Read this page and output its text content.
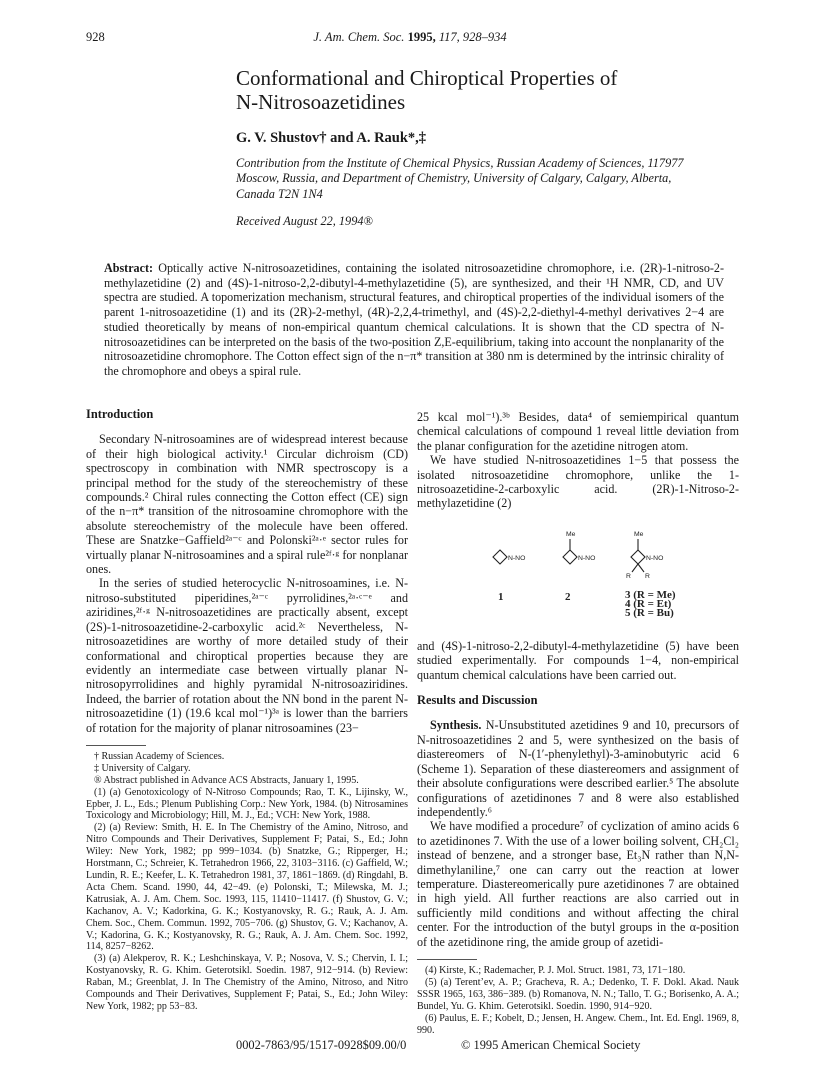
928	J. Am. Chem. Soc. 1995, 117, 928–934
Conformational and Chiroptical Properties of
N-Nitrosoazetidines
G. V. Shustov† and A. Rauk*,‡
Contribution from the Institute of Chemical Physics, Russian Academy of Sciences, 117977 Moscow, Russia, and Department of Chemistry, University of Calgary, Calgary, Alberta, Canada T2N 1N4
Received August 22, 1994®
Abstract: Optically active N-nitrosoazetidines, containing the isolated nitrosoazetidine chromophore, i.e. (2R)-1-nitroso-2-methylazetidine (2) and (4S)-1-nitroso-2,2-dibutyl-4-methylazetidine (5), are synthesized, and their ¹H NMR, CD, and UV spectra are studied. A topomerization mechanism, structural features, and chiroptical properties of the individual isomers of the parent 1-nitrosoazetidine (1) and its (2R)-2-methyl, (4R)-2,2,4-trimethyl, and (4S)-2,2-diethyl-4-methyl derivatives 2−4 are studied theoretically by means of non-empirical quantum chemical calculations. It is shown that the CD spectra of N-nitrosoazetidines can be interpreted on the basis of the two-position Z,E-equilibrium, taking into account the nonplanarity of the nitrosoazetidine chromophore. The Cotton effect sign of the n−π* transition at 380 nm is determined by the intrinsic chirality of the chromophore and obeys a spiral rule.
Introduction

Secondary N-nitrosoamines are of widespread interest because of their high biological activity.¹ Circular dichroism (CD) spectroscopy in combination with NMR spectroscopy is a principal method for the study of the stereochemistry of these compounds.² Chiral rules connecting the Cotton effect (CE) sign of the n−π* transition of the nitrosoamine chromophore with the absolute stereochemistry of the molecule have been offered. These are Snatzke−Gaffield²ᵃ⁻ᶜ and Polonski²ᵃ·ᵉ sector rules for virtually planar N-nitrosoamines and a spiral rule²ᶠ·ᵍ for nonplanar ones.

In the series of studied heterocyclic N-nitrosoamines, i.e. N-nitroso-substituted piperidines,²ᵃ⁻ᶜ pyrrolidines,²ᵃ·ᶜ⁻ᵉ and aziridines,²ᶠ·ᵍ N-nitrosoazetidines are practically absent, except (2S)-1-nitrosoazetidine-2-carboxylic acid.²ᶜ Nevertheless, N-nitrosoazetidines are worthy of more detailed study of their conformational and chiroptical properties because they are evidently an intermediate case between virtually planar N-nitrosopyrrolidines and highly pyramidal N-nitrosoaziridines. Indeed, the barrier of rotation about the NN bond in the parent N-nitrosoazetidine (1) (19.6 kcal mol⁻¹)³ᵃ is lower than the barriers of rotation for the majority of planar nitrosoamines (23−

† Russian Academy of Sciences.
‡ University of Calgary.
® Abstract published in Advance ACS Abstracts, January 1, 1995.
(1) (a) Genotoxicology of N-Nitroso Compounds; Rao, T. K., Lijinsky, W., Epber, J. L., Eds.; Plenum Publishing Corp.: New York, 1984. (b) Nitrosamines Toxicology and Microbiology; Hill, M. J., Ed.; VCH: New York, 1988.
(2) (a) Review: Smith, H. E. In The Chemistry of the Amino, Nitroso, and Nitro Compounds and Their Derivatives, Supplement F; Patai, S., Ed.; John Wiley: New York, 1982; pp 999−1034. (b) Snatzke, G.; Ripperger, H.; Horstmann, C.; Schreier, K. Tetrahedron 1966, 22, 3103−3116. (c) Gaffield, W.; Lundin, R. E.; Keefer, L. K. Tetrahedron 1981, 37, 1861−1869. (d) Ringdahl, B. Acta Chem. Scand. 1990, 44, 42−49. (e) Polonski, T.; Milewska, M. J.; Katrusiak, A. J. Am. Chem. Soc. 1993, 115, 11410−11417. (f) Shustov, G. V.; Kachanov, A. V.; Kadorkina, G. K.; Kostyanovsky, R. G.; Rauk, A. J. Am. Chem. Soc., Chem. Commun. 1992, 705−706. (g) Shustov, G. V.; Kachanov, A. V.; Kadorina, G. K.; Kostyanovsky, R. G.; Rauk, A. J. Am. Chem. Soc. 1992, 114, 8257−8262.
(3) (a) Alekperov, R. K.; Leshchinskaya, V. P.; Nosova, V. S.; Chervin, I. I.; Kostyanovsky, R. G. Khim. Geterotsikl. Soedin. 1987, 912−914. (b) Review: Raban, M.; Greenblat, J. In The Chemistry of the Amino, Nitroso, and Nitro Compounds and Their Derivatives, Supplement F; Patai, S., Ed.; John Wiley: New York, 1982; pp 53−83.

25 kcal mol⁻¹).³ᵇ Besides, data⁴ of semiempirical quantum chemical calculations of compound 1 reveal little deviation from the planar configuration for the azetidine nitrogen atom.

We have studied N-nitrosoazetidines 1−5 that possess the isolated nitrosoazetidine chromophore, unlike the 1-nitrosoazetidine-2-carboxylic acid. (2R)-1-Nitroso-2-methylazetidine (2)

N-NO	N-NO
Me
N-NO
Me
R R
1	2	3 (R = Me)
4 (R = Et)
5 (R = Bu)

and (4S)-1-nitroso-2,2-dibutyl-4-methylazetidine (5) have been studied experimentally. For compounds 1−4, non-empirical quantum chemical calculations have been carried out.

Results and Discussion

Synthesis. N-Unsubstituted azetidines 9 and 10, precursors of N-nitrosoazetidines 2 and 5, were synthesized on the basis of diastereomers of N-(1′-phenylethyl)-3-aminobutyric acid 6 (Scheme 1). Separation of these diastereomers and assignment of their absolute configurations were described earlier.⁵ The absolute configurations of azetidinones 7 and 8 were also established independently.⁶

We have modified a procedure⁷ of cyclization of amino acids 6 to azetidinones 7. With the use of a lower boiling solvent, CH₂Cl₂ instead of benzene, and a stronger base, Et₃N rather than N,N-dimethylaniline,⁷ one can carry out the reaction at lower temperature. Diastereomerically pure azetidinones 7 are obtained in high yield. All further reactions are also carried out in sufficiently mild conditions and without affecting the chiral center. For the introduction of the butyl groups in the α-position of the azetidinone ring, the amide group of azetidi-

(4) Kirste, K.; Rademacher, P. J. Mol. Struct. 1981, 73, 171−180.
(5) (a) Terent’ev, A. P.; Gracheva, R. A.; Dedenko, T. F. Dokl. Akad. Nauk SSSR 1965, 163, 386−389. (b) Romanova, N. N.; Tallo, T. G.; Borisenko, A. A.; Bundel, Yu. G. Khim. Geterotsikl. Soedin. 1990, 914−920.
(6) Paulus, E. F.; Kobelt, D.; Jensen, H. Angew. Chem., Int. Ed. Engl. 1969, 8, 990.
0002-7863/95/1517-0928$09.00/0	© 1995 American Chemical Society
